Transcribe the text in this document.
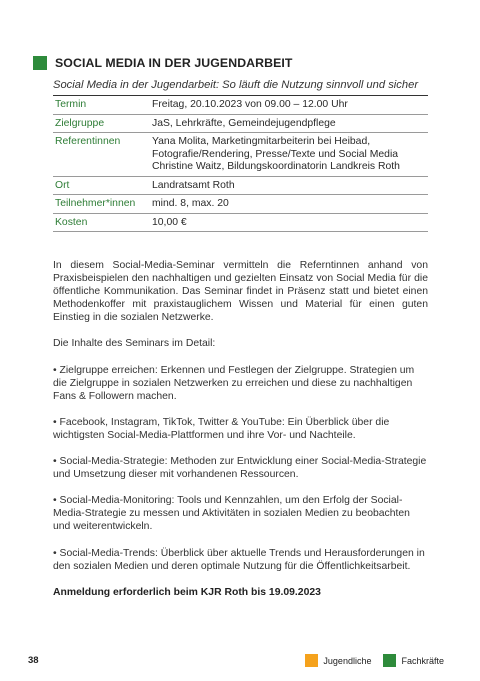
SOCIAL MEDIA IN DER JUGENDARBEIT
Social Media in der Jugendarbeit: So läuft die Nutzung sinnvoll und sicher
Termin	Freitag, 20.10.2023 von 09.00 – 12.00 Uhr
Zielgruppe	JaS, Lehrkräfte, Gemeindejugendpflege
Referentinnen	Yana Molita, Marketingmitarbeiterin bei Heibad, Fotografie/Rendering, Presse/Texte und Social Media
Christine Waitz, Bildungskoordinatorin Landkreis Roth
Ort	Landratsamt Roth
Teilnehmer*innen	mind. 8, max. 20
Kosten	10,00 €

In diesem Social-Media-Seminar vermitteln die Referntinnen anhand von Praxisbeispielen den nachhaltigen und gezielten Einsatz von Social Media für die öffentliche Kommunikation. Das Seminar findet in Präsenz statt und bietet einen Methodenkoffer mit praxistauglichem Wissen und Material für einen guten Einstieg in die sozialen Netzwerke.

Die Inhalte des Seminars im Detail:

• Zielgruppe erreichen: Erkennen und Festlegen der Zielgruppe. Strategien um die Zielgruppe in sozialen Netzwerken zu erreichen und diese zu nachhaltigen Fans & Followern machen.

• Facebook, Instagram, TikTok, Twitter & YouTube: Ein Überblick über die wichtigsten Social-Media-Plattformen und ihre Vor- und Nachteile.

• Social-Media-Strategie: Methoden zur Entwicklung einer Social-Media-Strategie und Umsetzung dieser mit vorhandenen Ressourcen.

• Social-Media-Monitoring: Tools und Kennzahlen, um den Erfolg der Social-Media-Strategie zu messen und Aktivitäten in sozialen Medien zu beobachten und weiterentwickeln.

• Social-Media-Trends: Überblick über aktuelle Trends und Herausforderungen in den sozialen Medien und deren optimale Nutzung für die Öffentlichkeitsarbeit.

Anmeldung erforderlich beim KJR Roth bis 19.09.2023

38	Jugendliche	Fachkräfte
